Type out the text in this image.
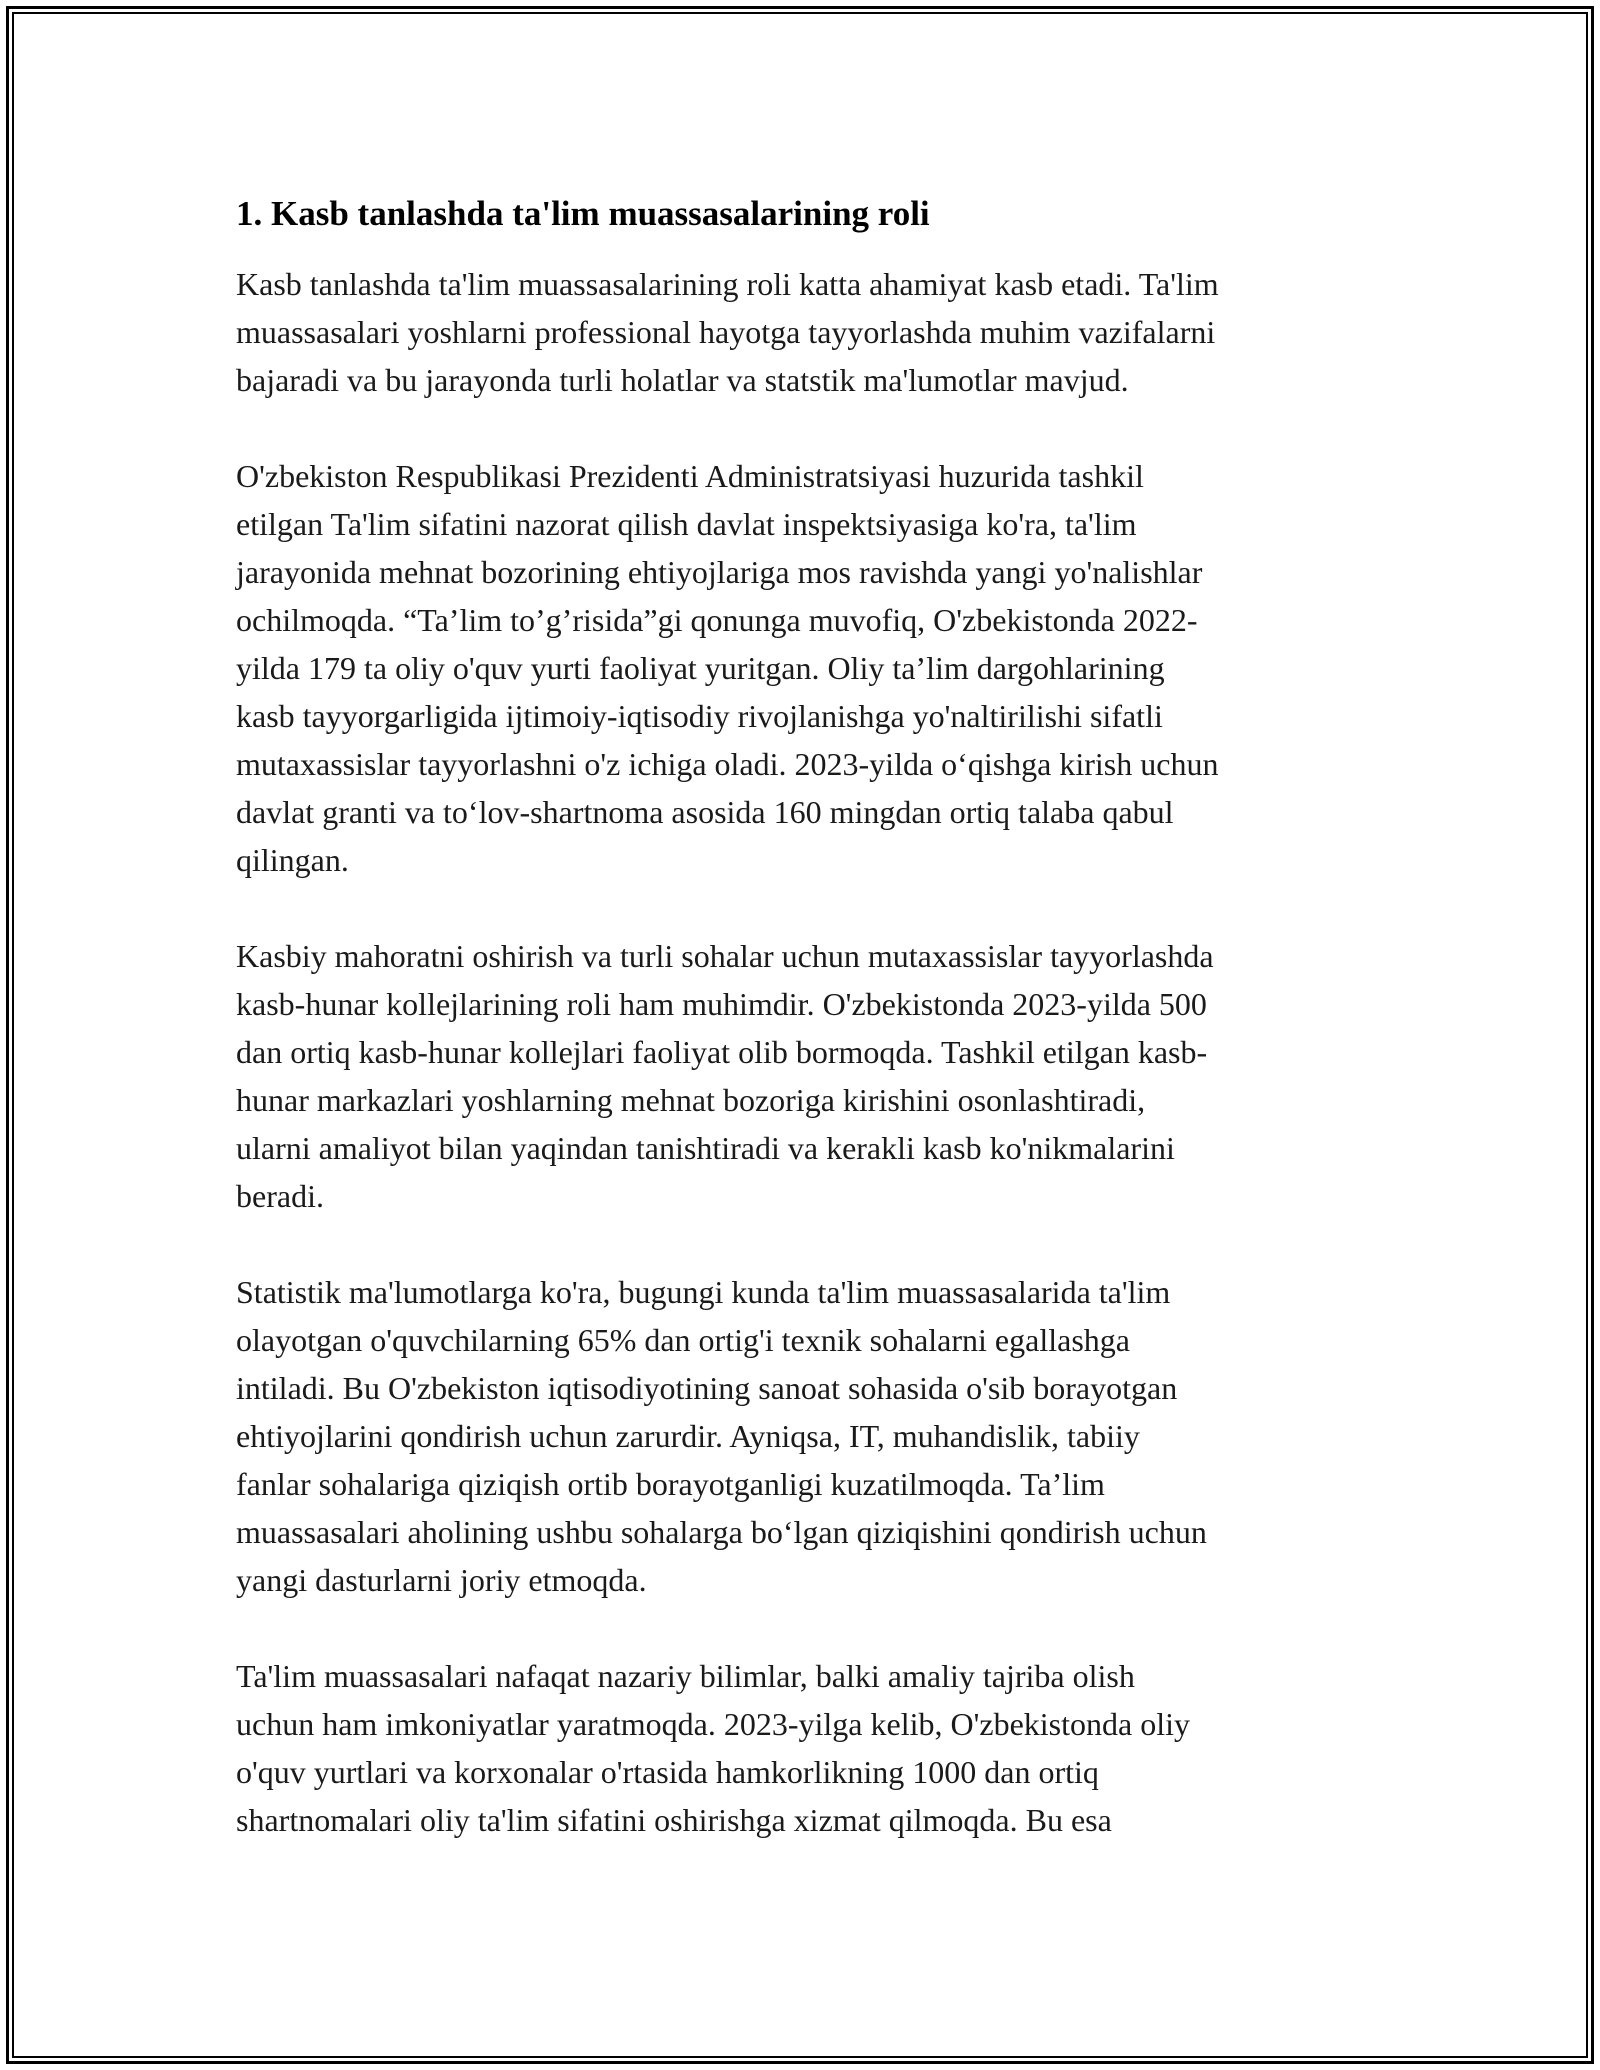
1. Kasb tanlashda ta'lim muassasalarining roli

Kasb tanlashda ta'lim muassasalarining roli katta ahamiyat kasb etadi. Ta'lim
muassasalari yoshlarni professional hayotga tayyorlashda muhim vazifalarni
bajaradi va bu jarayonda turli holatlar va statstik ma'lumotlar mavjud.

O'zbekiston Respublikasi Prezidenti Administratsiyasi huzurida tashkil
etilgan Ta'lim sifatini nazorat qilish davlat inspektsiyasiga ko'ra, ta'lim
jarayonida mehnat bozorining ehtiyojlariga mos ravishda yangi yo'nalishlar
ochilmoqda. “Ta’lim to’g’risida”gi qonunga muvofiq, O'zbekistonda 2022-
yilda 179 ta oliy o'quv yurti faoliyat yuritgan. Oliy ta’lim dargohlarining
kasb tayyorgarligida ijtimoiy-iqtisodiy rivojlanishga yo'naltirilishi sifatli
mutaxassislar tayyorlashni o'z ichiga oladi. 2023-yilda o‘qishga kirish uchun
davlat granti va to‘lov-shartnoma asosida 160 mingdan ortiq talaba qabul
qilingan.

Kasbiy mahoratni oshirish va turli sohalar uchun mutaxassislar tayyorlashda
kasb-hunar kollejlarining roli ham muhimdir. O'zbekistonda 2023-yilda 500
dan ortiq kasb-hunar kollejlari faoliyat olib bormoqda. Tashkil etilgan kasb-
hunar markazlari yoshlarning mehnat bozoriga kirishini osonlashtiradi,
ularni amaliyot bilan yaqindan tanishtiradi va kerakli kasb ko'nikmalarini
beradi.

Statistik ma'lumotlarga ko'ra, bugungi kunda ta'lim muassasalarida ta'lim
olayotgan o'quvchilarning 65% dan ortig'i texnik sohalarni egallashga
intiladi. Bu O'zbekiston iqtisodiyotining sanoat sohasida o'sib borayotgan
ehtiyojlarini qondirish uchun zarurdir. Ayniqsa, IT, muhandislik, tabiiy
fanlar sohalariga qiziqish ortib borayotganligi kuzatilmoqda. Ta’lim
muassasalari aholining ushbu sohalarga bo‘lgan qiziqishini qondirish uchun
yangi dasturlarni joriy etmoqda.

Ta'lim muassasalari nafaqat nazariy bilimlar, balki amaliy tajriba olish
uchun ham imkoniyatlar yaratmoqda. 2023-yilga kelib, O'zbekistonda oliy
o'quv yurtlari va korxonalar o'rtasida hamkorlikning 1000 dan ortiq
shartnomalari oliy ta'lim sifatini oshirishga xizmat qilmoqda. Bu esa
